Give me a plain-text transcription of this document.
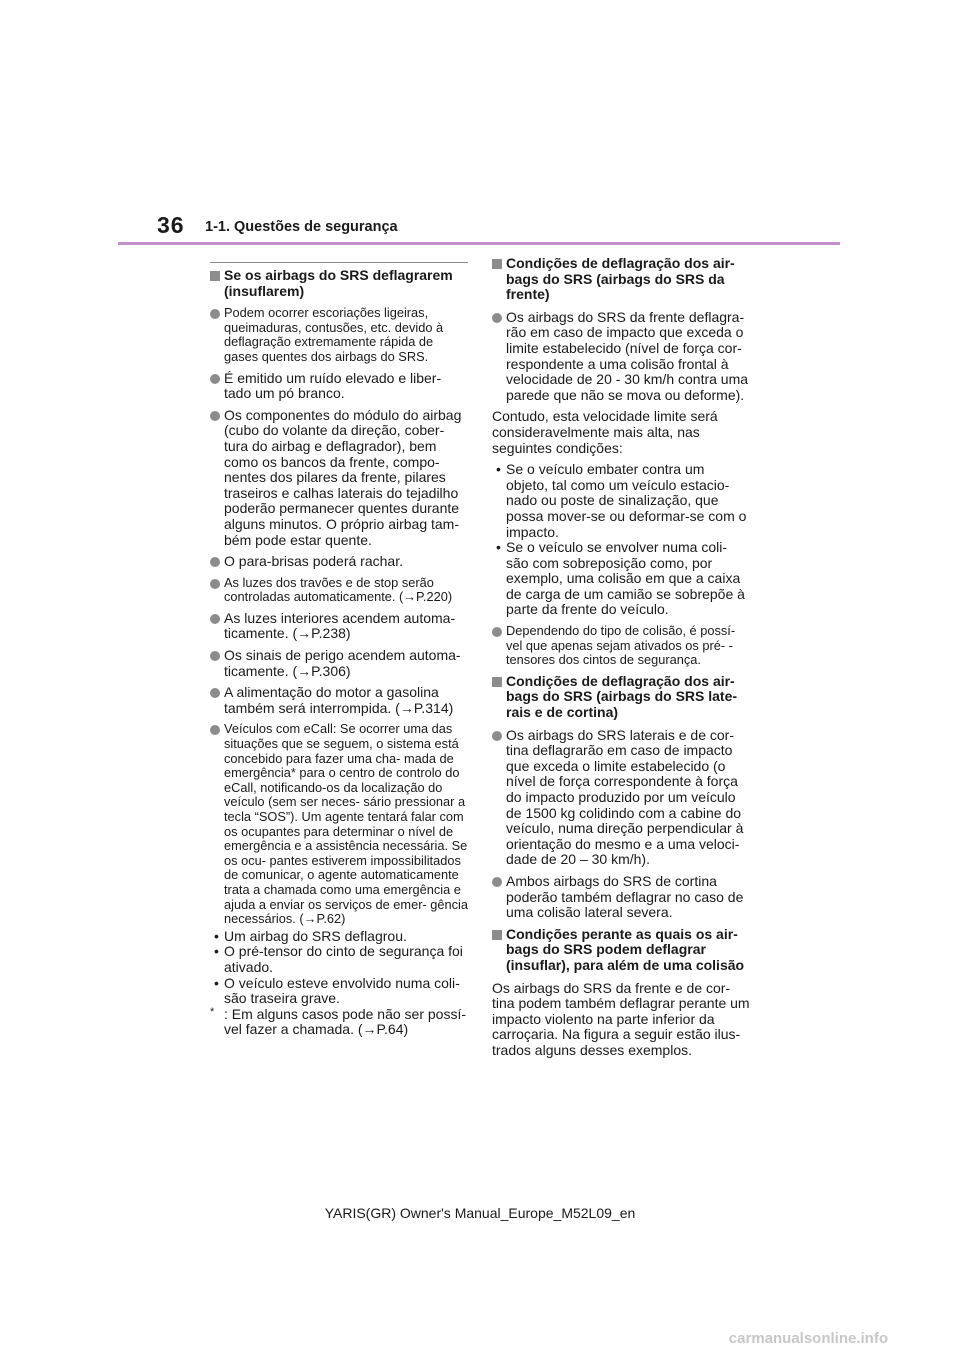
36 1-1. Questões de segurança
Se os airbags do SRS deflagrarem (insuflarem)
Podem ocorrer escoriações ligeiras, queimaduras, contusões, etc. devido à deflagração extremamente rápida de gases quentes dos airbags do SRS.
É emitido um ruído elevado e liber- tado um pó branco.
Os componentes do módulo do airbag (cubo do volante da direção, cober- tura do airbag e deflagrador), bem como os bancos da frente, compo- nentes dos pilares da frente, pilares traseiros e calhas laterais do tejadilho poderão permanecer quentes durante alguns minutos. O próprio airbag tam- bém pode estar quente.
O para-brisas poderá rachar.
As luzes dos travões e de stop serão controladas automaticamente. (→P.220)
As luzes interiores acendem automa- ticamente. (→P.238)
Os sinais de perigo acendem automa- ticamente. (→P.306)
A alimentação do motor a gasolina também será interrompida. (→P.314)
Veículos com eCall: Se ocorrer uma das situações que se seguem, o sistema está concebido para fazer uma cha- mada de emergência* para o centro de controlo do eCall, notificando-os da localização do veículo (sem ser neces- sário pressionar a tecla “SOS”). Um agente tentará falar com os ocupantes para determinar o nível de emergência e a assistência necessária. Se os ocu- pantes estiverem impossibilitados de comunicar, o agente automaticamente trata a chamada como uma emergência e ajuda a enviar os serviços de emer- gência necessários. (→P.62)
• Um airbag do SRS deflagrou.
• O pré-tensor do cinto de segurança foi ativado.
• O veículo esteve envolvido numa coli- são traseira grave.
* : Em alguns casos pode não ser possí- vel fazer a chamada. (→P.64)
Condições de deflagração dos air- bags do SRS (airbags do SRS da frente)
Os airbags do SRS da frente deflagra- rão em caso de impacto que exceda o limite estabelecido (nível de força cor- respondente a uma colisão frontal à velocidade de 20 - 30 km/h contra uma parede que não se mova ou deforme).
Contudo, esta velocidade limite será consideravelmente mais alta, nas seguintes condições:
• Se o veículo embater contra um objeto, tal como um veículo estacio- nado ou poste de sinalização, que possa mover-se ou deformar-se com o impacto.
• Se o veículo se envolver numa coli- são com sobreposição como, por exemplo, uma colisão em que a caixa de carga de um camião se sobrepõe à parte da frente do veículo.
Dependendo do tipo de colisão, é possí- vel que apenas sejam ativados os pré- -tensores dos cintos de segurança.
Condições de deflagração dos air- bags do SRS (airbags do SRS late- rais e de cortina)
Os airbags do SRS laterais e de cor- tina deflagrarão em caso de impacto que exceda o limite estabelecido (o nível de força correspondente à força do impacto produzido por um veículo de 1500 kg colidindo com a cabine do veículo, numa direção perpendicular à orientação do mesmo e a uma veloci- dade de 20 – 30 km/h).
Ambos airbags do SRS de cortina poderão também deflagrar no caso de uma colisão lateral severa.
Condições perante as quais os air- bags do SRS podem deflagrar (insuflar), para além de uma colisão
Os airbags do SRS da frente e de cor- tina podem também deflagrar perante um impacto violento na parte inferior da carroçaria. Na figura a seguir estão ilus- trados alguns desses exemplos.
YARIS(GR) Owner's Manual_Europe_M52L09_en
carmanualsonline.info
